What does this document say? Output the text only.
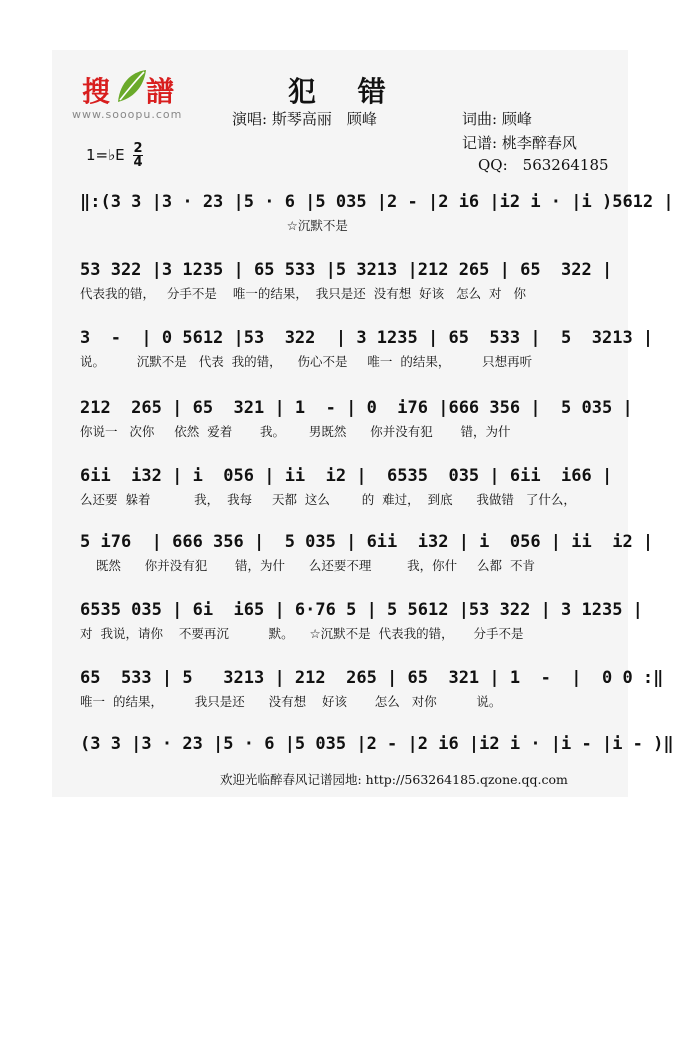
搜 譜
www.sooopu.com
犯 错
演唱: 斯琴高丽　顾峰	词曲: 顾峰
记谱: 桃李醉春风
QQ:　563264185
1=♭E 2
4
‖:(3 3 |3 · 23 |5 · 6 |5 035 |2 - |2 i6 |i2 i · |i )5612 |
☆沉默不是
53 322 |3 1235 | 65 533 |5 3213 |212 265 | 65  322 |
代表我的错，   分手不是    唯一的结果，  我只是还  没有想  好该   怎么  对   你
3  -  | 0 5612 |53  322  | 3 1235 | 65  533 |  5  3213 |
说。        沉默不是   代表  我的错，    伤心不是     唯一  的结果，        只想再听
212  265 | 65  321 | 1  - | 0  i76 |666 356 |  5 035 |
你说一   次你     依然  爱着       我。      男既然      你并没有犯       错，为什
6ii  i32 | i  056 | ii  i2 |  6535  035 | 6ii  i66 |
么还要  躲着           我，  我每     天都  这么        的  难过，  到底      我做错   了什么，
5 i76  | 666 356 |  5 035 | 6ii  i32 | i  056 | ii  i2 |
既然      你并没有犯       错，为什      么还要不理         我，你什     么都  不肯
6535 035 | 6i  i65 | 6·76 5 | 5 5612 |53 322 | 3 1235 |
对  我说，请你    不要再沉          默。    ☆沉默不是  代表我的错，     分手不是
65  533 | 5   3213 | 212  265 | 65  321 | 1  -  |  0 0 :‖
唯一  的结果，        我只是还      没有想    好该       怎么   对你          说。
(3 3 |3 · 23 |5 · 6 |5 035 |2 - |2 i6 |i2 i · |i - |i - )‖
欢迎光临醉春风记谱园地: http://563264185.qzone.qq.com
